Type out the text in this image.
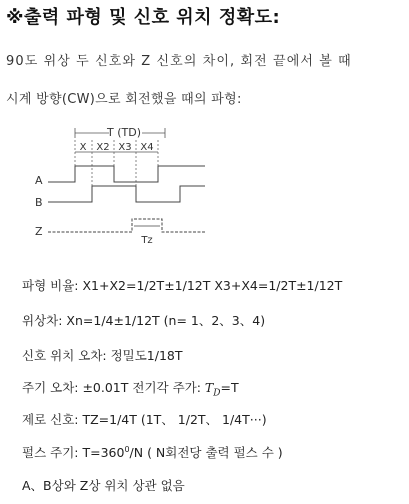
※출력 파형 및 신호 위치 정확도:
90도 위상 두 신호와 Z 신호의 차이, 회전 끝에서 볼 때
시계 방향(CW)으로 회전했을 때의 파형:
T (TD)
X X2 X3 X4
A
B
Z
Tz
파형 비율: X1+X2=1/2T±1/12T X3+X4=1/2T±1/12T
위상차: Xn=1/4±1/12T (n= 1、2、3、4)
신호 위치 오차: 정밀도1/18T
주기 오차: ±0.01T 전기각 주가: $T_D=T$
제로 신호: TZ=1/4T (1T、 1/2T、 1/4T···)
펄스 주기: $T=360^0/N$ ( N회전당 출력 펄스 수 )
A、B상와 Z상 위치 상관 없음
